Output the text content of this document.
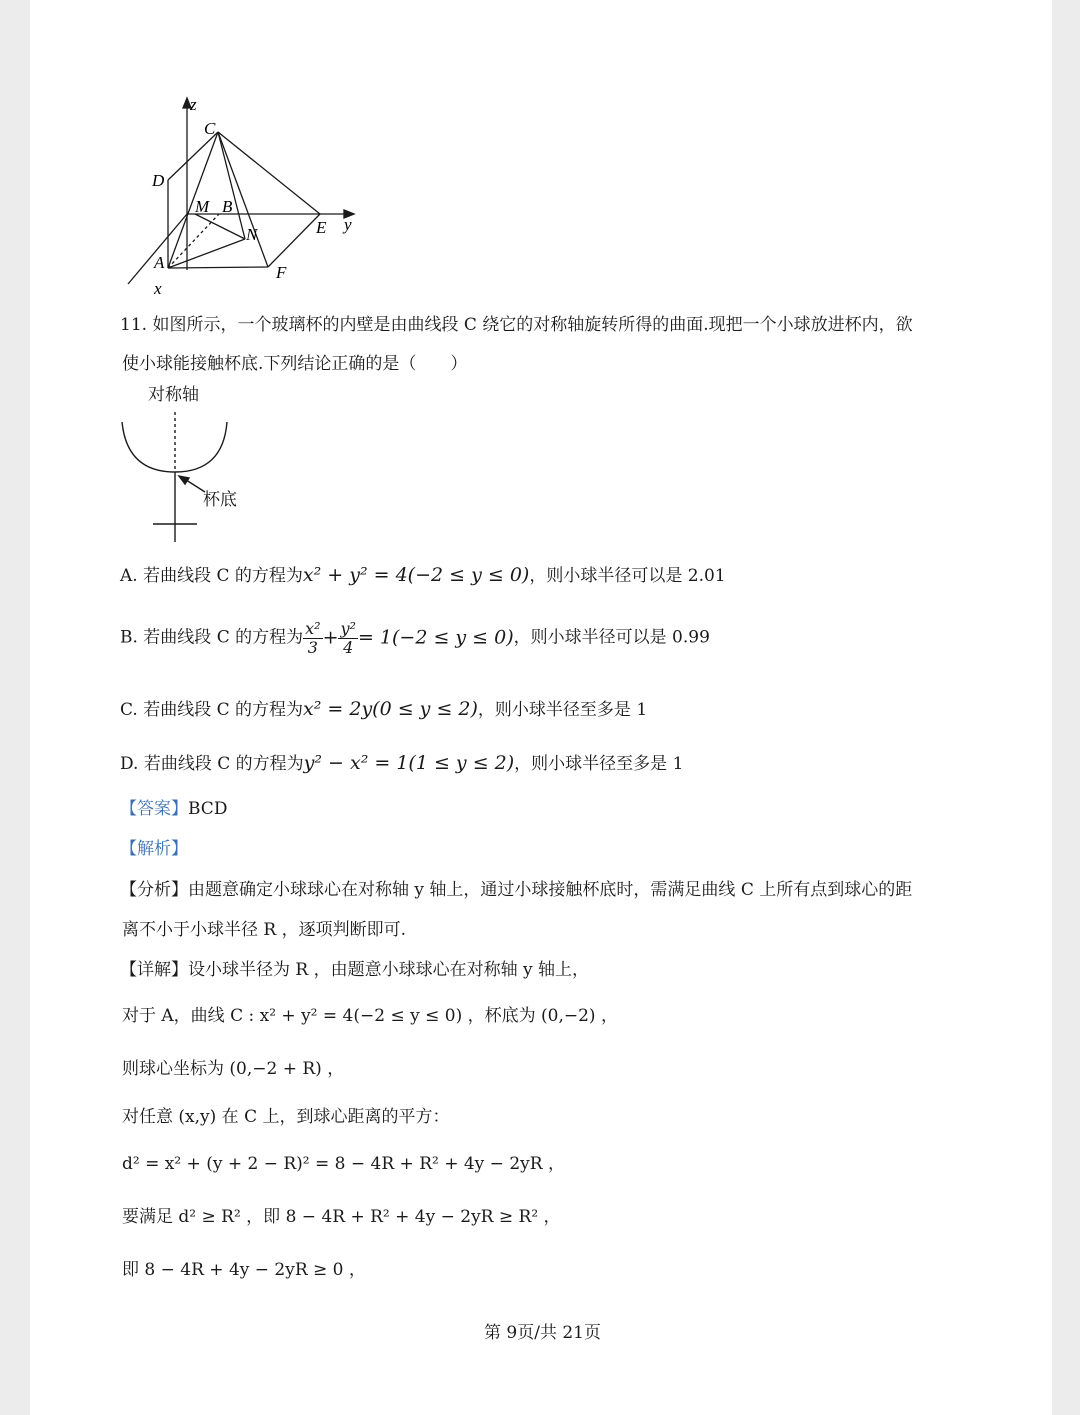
z
C
D
M B
E y
N
A
F
x
11. 如图所示，一个玻璃杯的内壁是由曲线段 C 绕它的对称轴旋转所得的曲面.现把一个小球放进杯内，欲
使小球能接触杯底.下列结论正确的是（　　）
对称轴
杯底
A. 若曲线段 C 的方程为x² + y² = 4(−2 ≤ y ≤ 0)，则小球半径可以是 2.01
B. 若曲线段 C 的方程为 $\frac{\text{x²}}{3} + \frac{\text{y²}}{4} = 1(-2 \le y \le 0)$，则小球半径可以是 0.99
C. 若曲线段 C 的方程为x² = 2y(0 ≤ y ≤ 2)，则小球半径至多是 1
D. 若曲线段 C 的方程为y² − x² = 1(1 ≤ y ≤ 2)，则小球半径至多是 1
【答案】BCD
【解析】
【分析】由题意确定小球球心在对称轴 y 轴上，通过小球接触杯底时，需满足曲线 C 上所有点到球心的距
离不小于小球半径 R ，逐项判断即可.
【详解】设小球半径为 R ，由题意小球球心在对称轴 y 轴上，
对于 A，曲线 C : x² + y² = 4(−2 ≤ y ≤ 0) ，杯底为 (0,−2) ，
则球心坐标为 (0,−2 + R) ，
对任意 (x,y) 在 C 上，到球心距离的平方：
d² = x² + (y + 2 − R)² = 8 − 4R + R² + 4y − 2yR ，
要满足 d² ≥ R² ，即 8 − 4R + R² + 4y − 2yR ≥ R² ，
即 8 − 4R + 4y − 2yR ≥ 0 ，
第 9页/共 21页
